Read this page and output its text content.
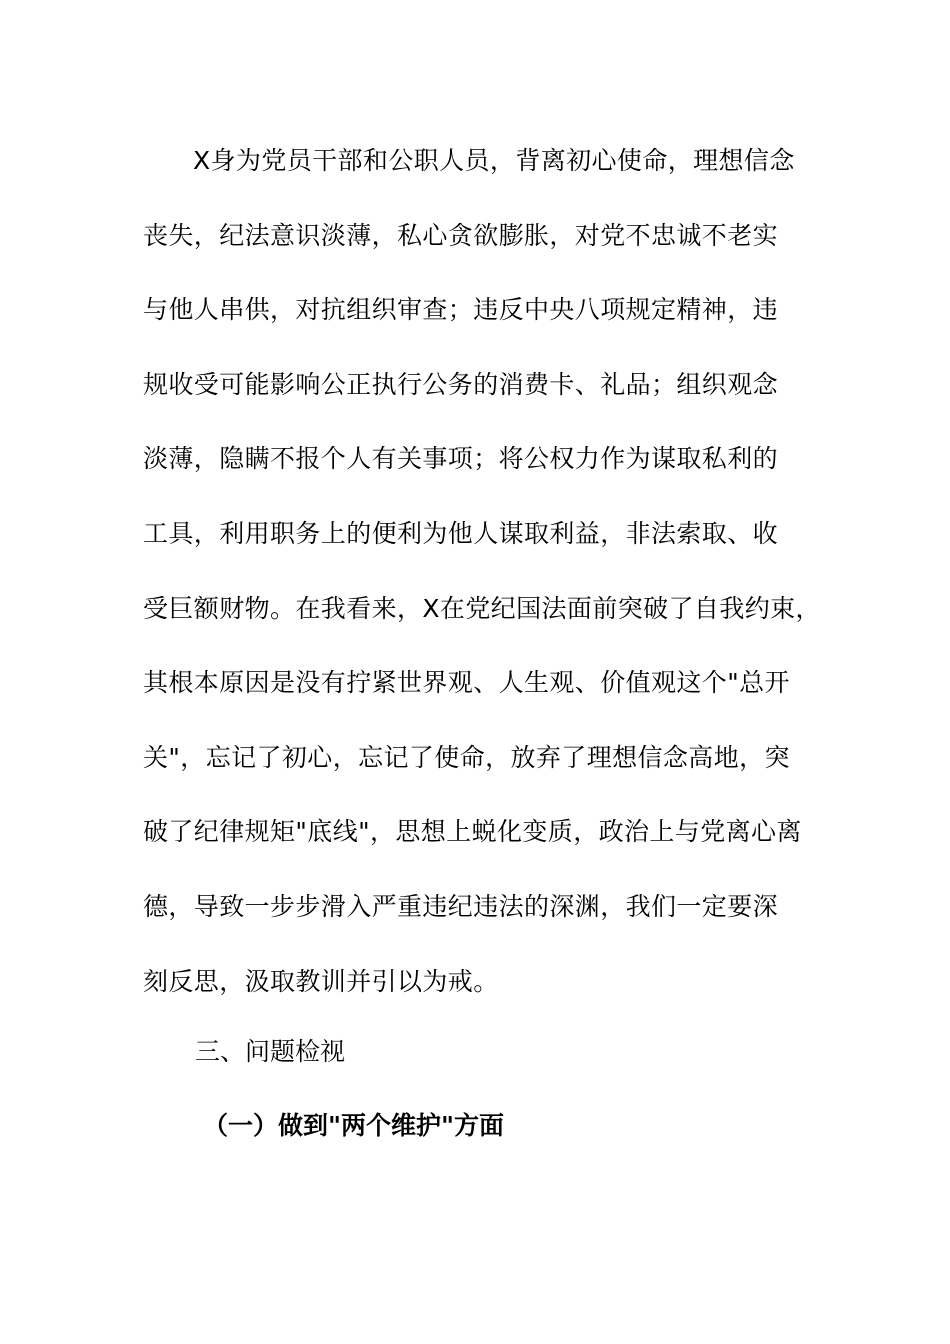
X身为党员干部和公职人员，背离初心使命，理想信念
丧失，纪法意识淡薄，私心贪欲膨胀，对党不忠诚不老实
与他人串供，对抗组织审查；违反中央八项规定精神，违
规收受可能影响公正执行公务的消费卡、礼品；组织观念
淡薄，隐瞒不报个人有关事项；将公权力作为谋取私利的
工具，利用职务上的便利为他人谋取利益，非法索取、收
受巨额财物。在我看来，X在党纪国法面前突破了自我约束，
其根本原因是没有拧紧世界观、人生观、价值观这个"总开
关"，忘记了初心，忘记了使命，放弃了理想信念高地，突
破了纪律规矩"底线"，思想上蜕化变质，政治上与党离心离
德，导致一步步滑入严重违纪违法的深渊，我们一定要深
刻反思，汲取教训并引以为戒。
三、问题检视
（一）做到"两个维护"方面
